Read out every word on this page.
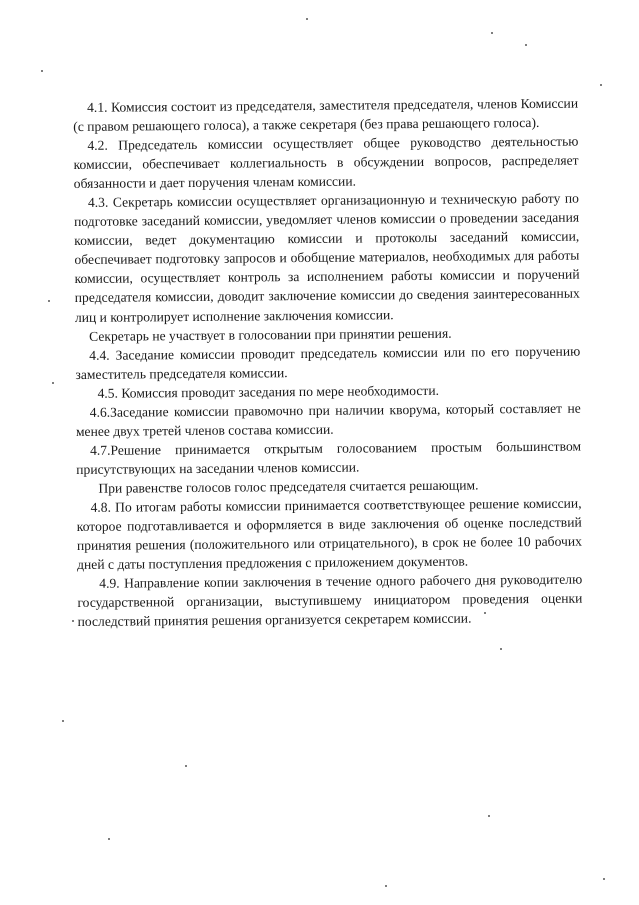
4.1. Комиссия состоит из председателя, заместителя председателя, членов Комиссии (с правом решающего голоса), а также секретаря (без права решающего голоса).

4.2. Председатель комиссии осуществляет общее руководство деятельностью комиссии, обеспечивает коллегиальность в обсуждении вопросов, распределяет обязанности и дает поручения членам комиссии.

4.3. Секретарь комиссии осуществляет организационную и техническую работу по подготовке заседаний комиссии, уведомляет членов комиссии о проведении заседания комиссии, ведет документацию комиссии и протоколы заседаний комиссии, обеспечивает подготовку запросов и обобщение материалов, необходимых для работы комиссии, осуществляет контроль за исполнением работы комиссии и поручений председателя комиссии, доводит заключение комиссии до сведения заинтересованных лиц и контролирует исполнение заключения комиссии.

Секретарь не участвует в голосовании при принятии решения.

4.4. Заседание комиссии проводит председатель комиссии или по его поручению заместитель председателя комиссии.

4.5. Комиссия проводит заседания по мере необходимости.

4.6.Заседание комиссии правомочно при наличии кворума, который составляет не менее двух третей членов состава комиссии.

4.7.Решение принимается открытым голосованием простым большинством присутствующих на заседании членов комиссии.

При равенстве голосов голос председателя считается решающим.

4.8. По итогам работы комиссии принимается соответствующее решение комиссии, которое подготавливается и оформляется в виде заключения об оценке последствий принятия решения (положительного или отрицательного), в срок не более 10 рабочих дней с даты поступления предложения с приложением документов.

4.9. Направление копии заключения в течение одного рабочего дня руководителю государственной организации, выступившему инициатором проведения оценки последствий принятия решения организуется секретарем комиссии.
